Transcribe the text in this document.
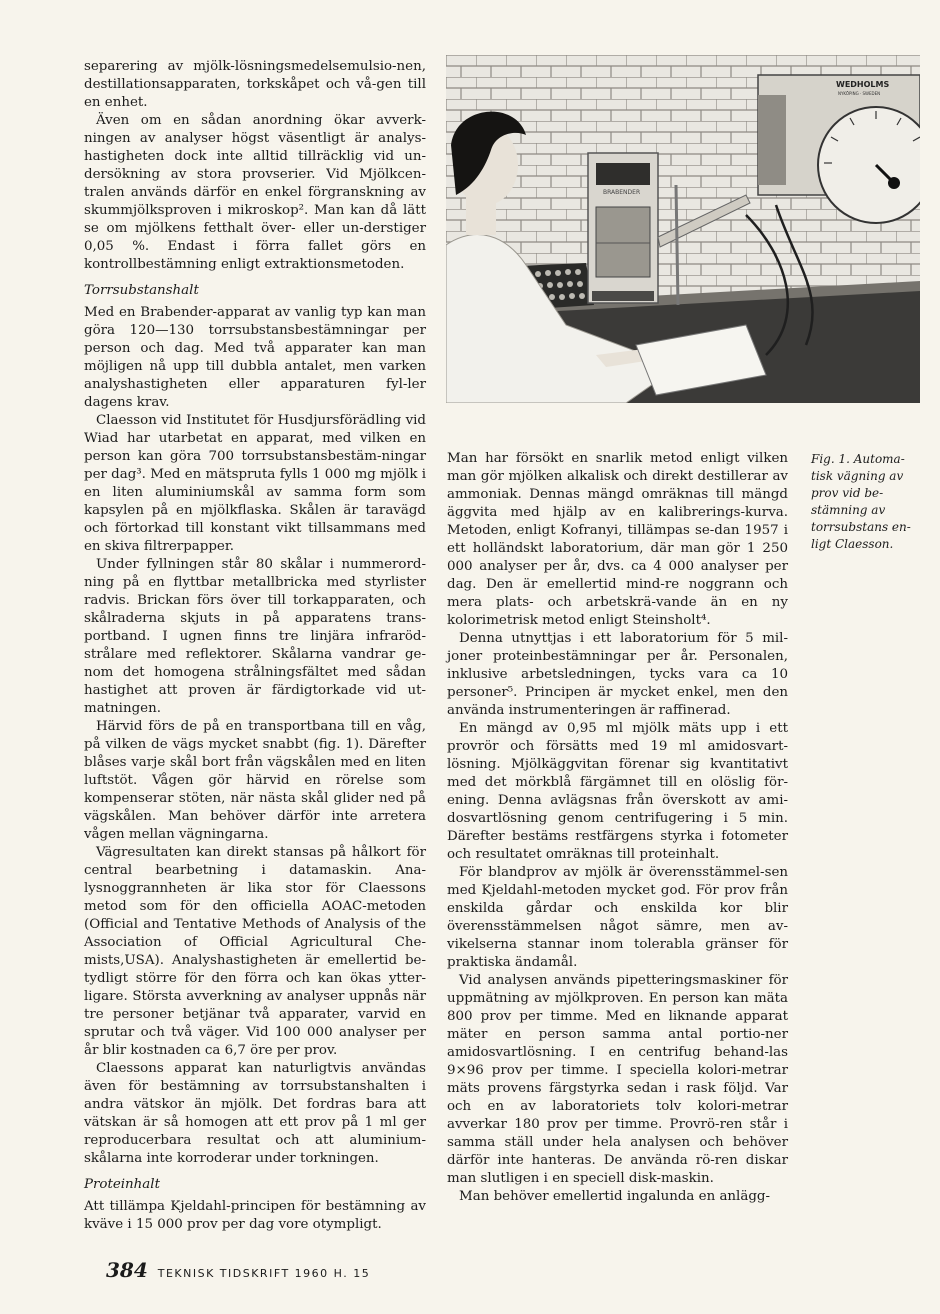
separering av mjölk-lösningsmedelsemulsio-nen, destillationsapparaten, torkskåpet och vå-gen till en enhet.

Även om en sådan anordning ökar avverk-ningen av analyser högst väsentligt är analys-hastigheten dock inte alltid tillräcklig vid un-dersökning av stora provserier. Vid Mjölkcen-tralen används därför en enkel förgranskning av skummjölksproven i mikroskop². Man kan då lätt se om mjölkens fetthalt över- eller un-derstiger 0,05 %. Endast i förra fallet görs en kontrollbestämning enligt extraktionsmetoden.

Torrsubstanshalt

Med en Brabender-apparat av vanlig typ kan man göra 120—130 torrsubstansbestämningar per person och dag. Med två apparater kan man möjligen nå upp till dubbla antalet, men varken analyshastigheten eller apparaturen fyl-ler dagens krav.

Claesson vid Institutet för Husdjursförädling vid Wiad har utarbetat en apparat, med vilken en person kan göra 700 torrsubstansbestäm-ningar per dag³. Med en mätspruta fylls 1 000 mg mjölk i en liten aluminiumskål av samma form som kapsylen på en mjölkflaska. Skålen är taravägd och förtorkad till konstant vikt tillsammans med en skiva filtrerpapper.

Under fyllningen står 80 skålar i nummerord-ning på en flyttbar metallbricka med styrlister radvis. Brickan förs över till torkapparaten, och skålraderna skjuts in på apparatens trans-portband. I ugnen finns tre linjära infraröd-strålare med reflektorer. Skålarna vandrar ge-nom det homogena strålningsfältet med sådan hastighet att proven är färdigtorkade vid ut-matningen.

Härvid förs de på en transportbana till en våg, på vilken de vägs mycket snabbt (fig. 1). Därefter blåses varje skål bort från vägskålen med en liten luftstöt. Vågen gör härvid en rörelse som kompenserar stöten, när nästa skål glider ned på vägskålen. Man behöver därför inte arretera vågen mellan vägningarna.

Vägresultaten kan direkt stansas på hålkort för central bearbetning i datamaskin. Ana-lysnoggrannheten är lika stor för Claessons metod som för den officiella AOAC-metoden (Official and Tentative Methods of Analysis of the Association of Official Agricultural Che-mists,USA). Analyshastigheten är emellertid be-tydligt större för den förra och kan ökas ytter-ligare. Största avverkning av analyser uppnås när tre personer betjänar två apparater, varvid en sprutar och två väger. Vid 100 000 analyser per år blir kostnaden ca 6,7 öre per prov.

Claessons apparat kan naturligtvis användas även för bestämning av torrsubstanshalten i andra vätskor än mjölk. Det fordras bara att vätskan är så homogen att ett prov på 1 ml ger reproducerbara resultat och att aluminium-skålarna inte korroderar under torkningen.

Proteinhalt

Att tillämpa Kjeldahl-principen för bestämning av kväve i 15 000 prov per dag vore otympligt.

BRABENDER
WEDHOLMS
NYKÖPING · SWEDEN

Man har försökt en snarlik metod enligt vilken man gör mjölken alkalisk och direkt destillerar av ammoniak. Dennas mängd omräknas till mängd äggvita med hjälp av en kalibrerings-kurva. Metoden, enligt Kofranyi, tillämpas se-dan 1957 i ett holländskt laboratorium, där man gör 1 250 000 analyser per år, dvs. ca 4 000 analyser per dag. Den är emellertid mind-re noggrann och mera plats- och arbetskrä-vande än en ny kolorimetrisk metod enligt Steinsholt⁴.

Denna utnyttjas i ett laboratorium för 5 mil-joner proteinbestämningar per år. Personalen, inklusive arbetsledningen, tycks vara ca 10 personer⁵. Principen är mycket enkel, men den använda instrumenteringen är raffinerad.

En mängd av 0,95 ml mjölk mäts upp i ett provrör och försätts med 19 ml amidosvart-lösning. Mjölkäggvitan förenar sig kvantitativt med det mörkblå färgämnet till en olöslig för-ening. Denna avlägsnas från överskott av ami-dosvartlösning genom centrifugering i 5 min. Därefter bestäms restfärgens styrka i fotometer och resultatet omräknas till proteinhalt.

För blandprov av mjölk är överensstämmel-sen med Kjeldahl-metoden mycket god. För prov från enskilda gårdar och enskilda kor blir överensstämmelsen något sämre, men av-vikelserna stannar inom tolerabla gränser för praktiska ändamål.

Vid analysen används pipetteringsmaskiner för uppmätning av mjölkproven. En person kan mäta 800 prov per timme. Med en liknande apparat mäter en person samma antal portio-ner amidosvartlösning. I en centrifug behand-las 9×96 prov per timme. I speciella kolori-metrar mäts provens färgstyrka sedan i rask följd. Var och en av laboratoriets tolv kolori-metrar avverkar 180 prov per timme. Provrö-ren står i samma ställ under hela analysen och behöver därför inte hanteras. De använda rö-ren diskar man slutligen i en speciell disk-maskin.

Man behöver emellertid ingalunda en anlägg-

Fig. 1. Automa-tisk vägning av prov vid be-stämning av torrsubstans en-ligt Claesson.
384 TEKNISK TIDSKRIFT 1960 H. 15
